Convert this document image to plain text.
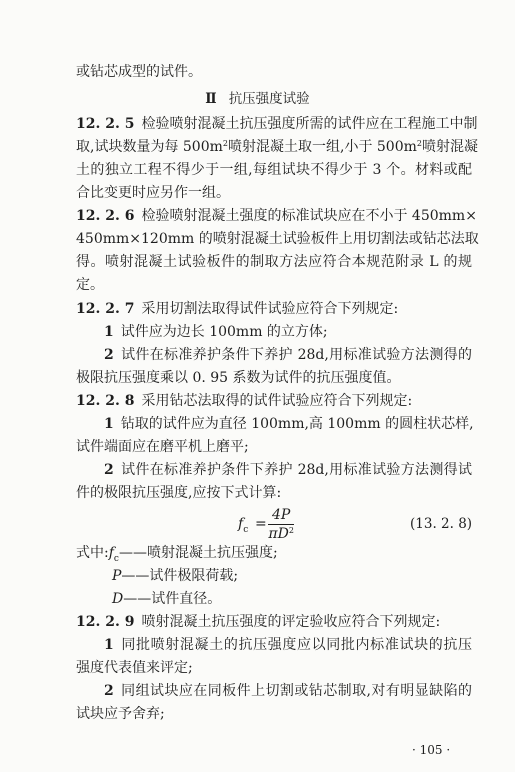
或钻芯成型的试件。
Ⅱ 抗压强度试验
12. 2. 5 检验喷射混凝土抗压强度所需的试件应在工程施工中制
取,试块数量为每 $500m^2$喷射混凝土取一组,小于 $500m^2$喷射混凝
土的独立工程不得少于一组,每组试块不得少于 3 个。材料或配
合比变更时应另作一组。
12. 2. 6 检验喷射混凝土强度的标准试块应在不小于 450mm×
450mm×120mm 的喷射混凝土试验板件上用切割法或钻芯法取
得。喷射混凝土试验板件的制取方法应符合本规范附录 L 的规
定。
12. 2. 7 采用切割法取得试件试验应符合下列规定:
1 试件应为边长 100mm 的立方体;
2 试件在标准养护条件下养护 28d,用标准试验方法测得的
极限抗压强度乘以 0. 95 系数为试件的抗压强度值。
12. 2. 8 采用钻芯法取得的试件试验应符合下列规定:
1 钻取的试件应为直径 100mm,高 100mm 的圆柱状芯样,
试件端面应在磨平机上磨平;
2 试件在标准养护条件下养护 28d,用标准试验方法测得试
件的极限抗压强度,应按下式计算:
$f_c = \frac{4P}{\pi D^2}$	(13. 2. 8)
式中$:f_c——$喷射混凝土抗压强度;
P——试件极限荷载;
D——试件直径。
12. 2. 9 喷射混凝土抗压强度的评定验收应符合下列规定:
1 同批喷射混凝土的抗压强度应以同批内标准试块的抗压
强度代表值来评定;
2 同组试块应在同板件上切割或钻芯制取,对有明显缺陷的
试块应予舍弃;
· 105 ·
